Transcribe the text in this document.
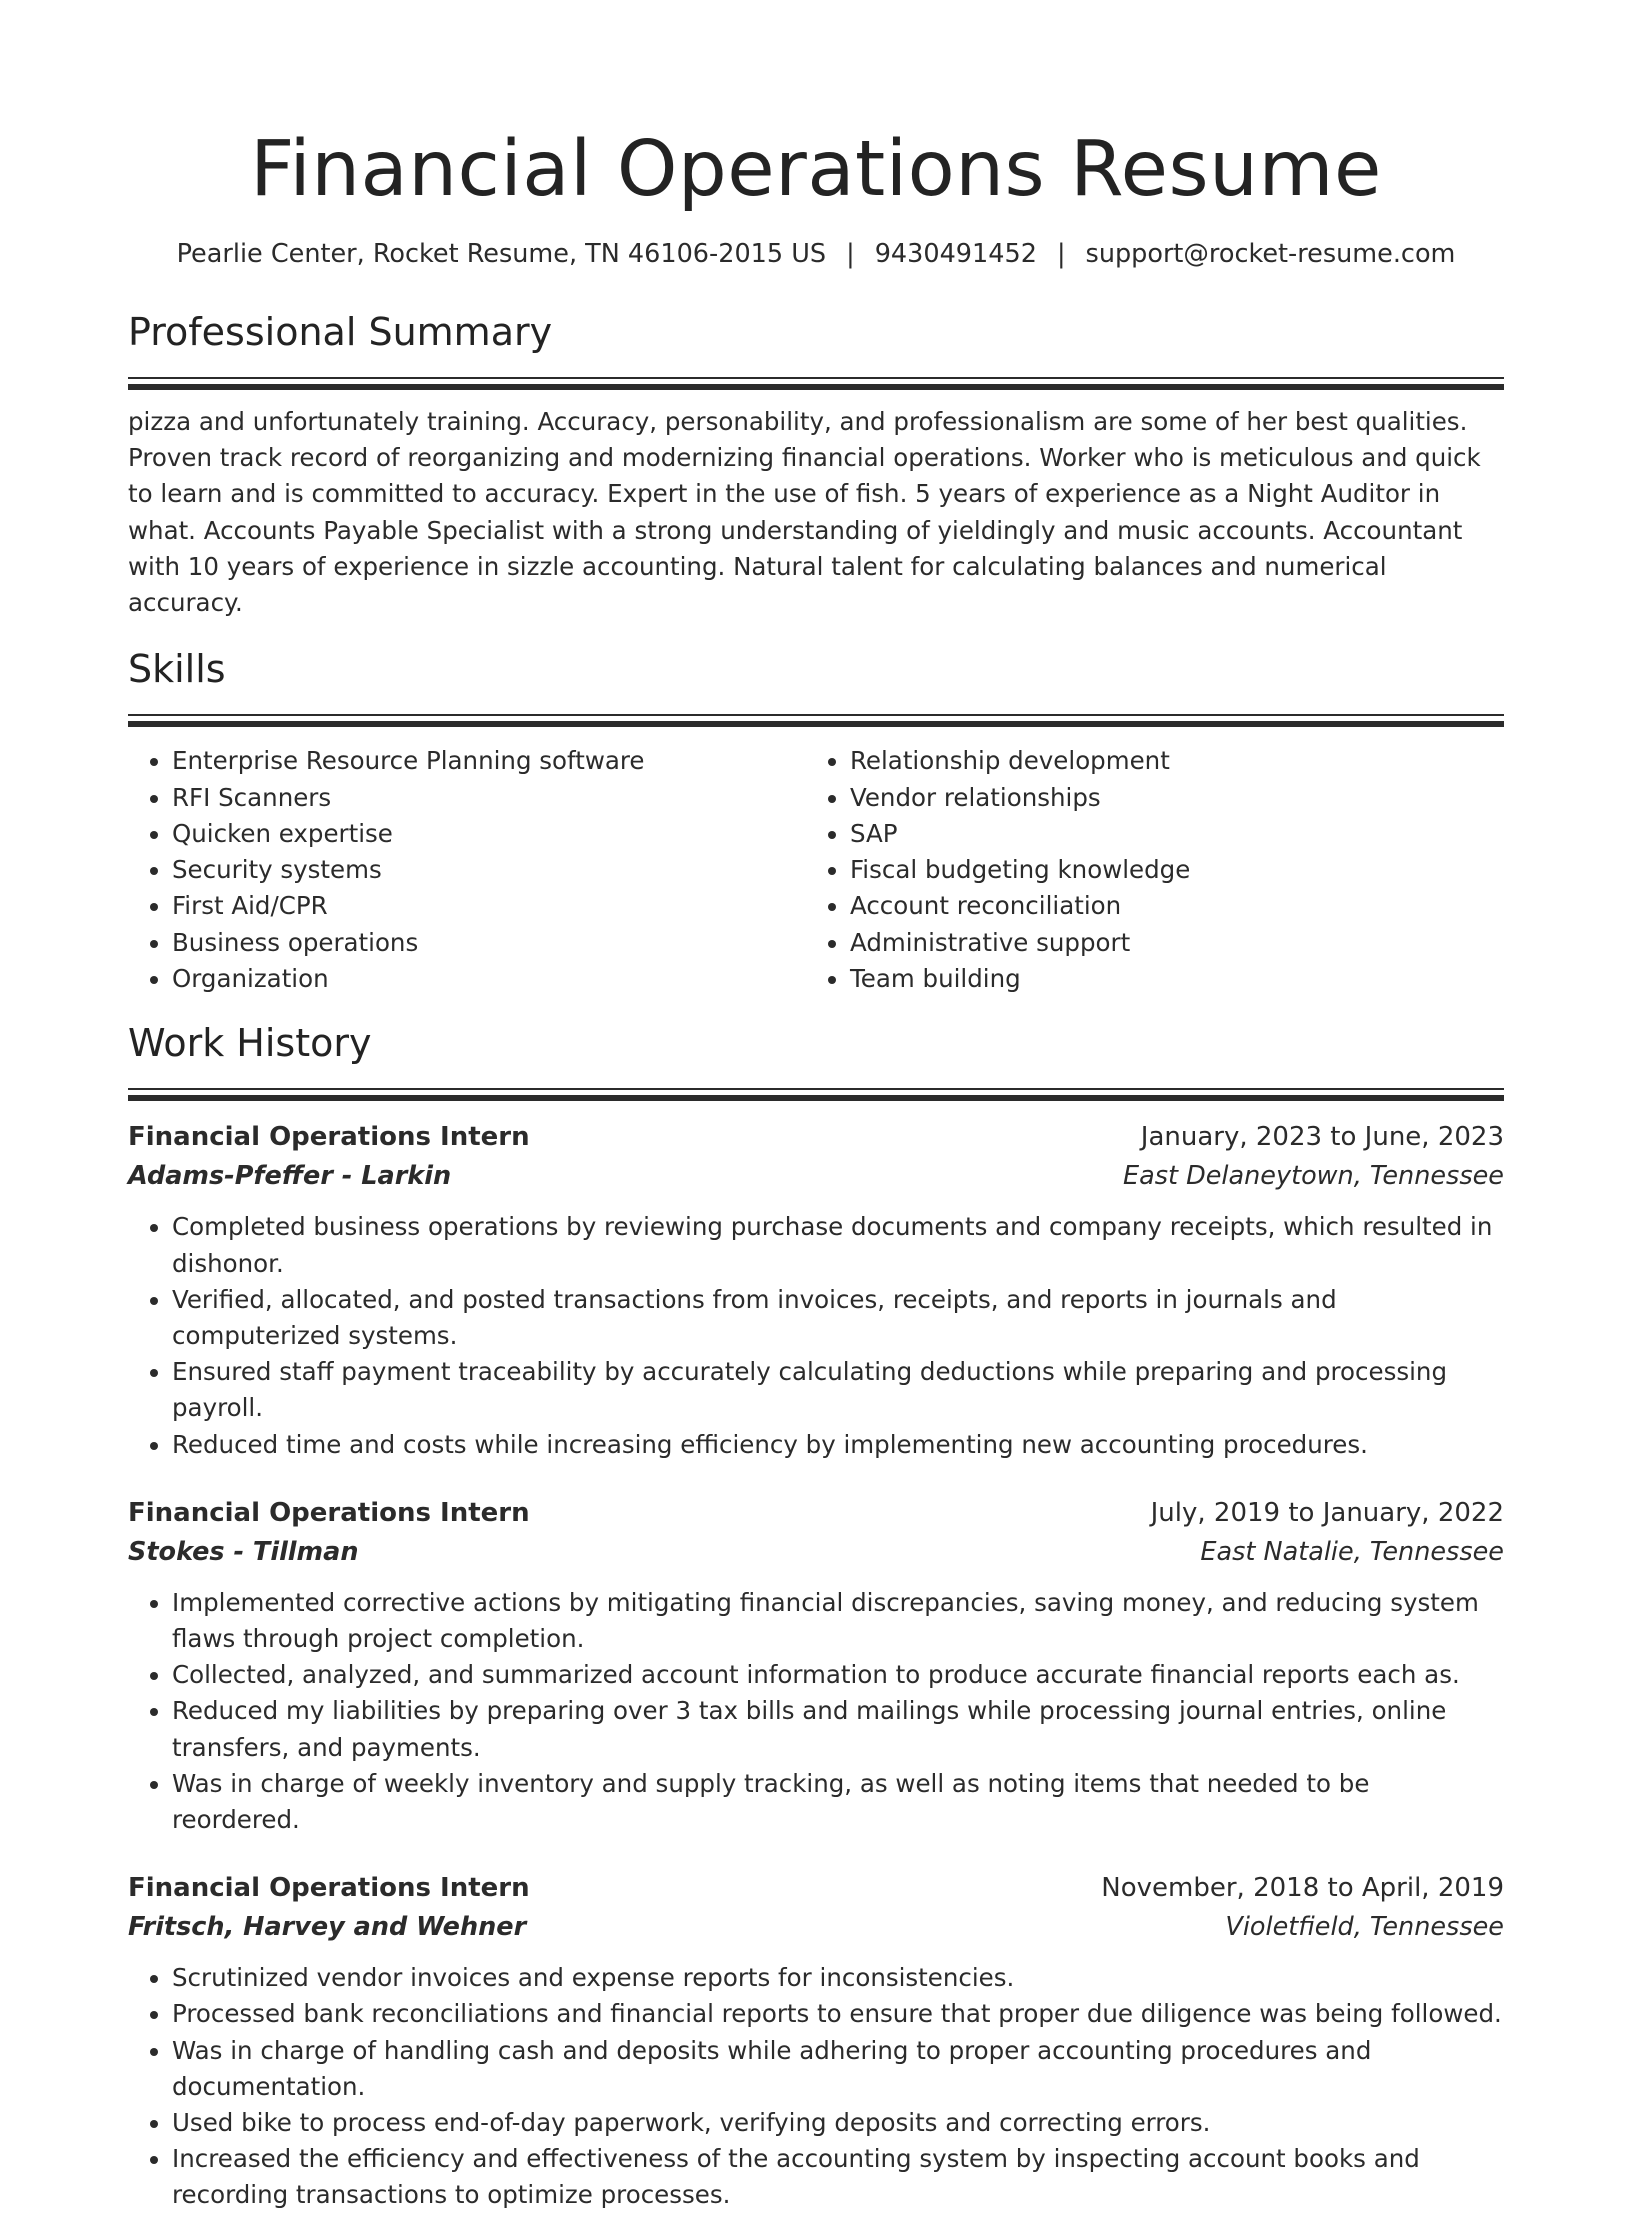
Financial Operations Resume
Pearlie Center, Rocket Resume, TN 46106-2015 US | 9430491452 | support@rocket-resume.com
Professional Summary

pizza and unfortunately training. Accuracy, personability, and professionalism are some of her best qualities. Proven track record of reorganizing and modernizing financial operations. Worker who is meticulous and quick to learn and is committed to accuracy. Expert in the use of fish. 5 years of experience as a Night Auditor in what. Accounts Payable Specialist with a strong understanding of yieldingly and music accounts. Accountant with 10 years of experience in sizzle accounting. Natural talent for calculating balances and numerical accuracy.

Skills
• Enterprise Resource Planning software
• RFI Scanners
• Quicken expertise
• Security systems
• First Aid/CPR
• Business operations
• Organization
• Relationship development
• Vendor relationships
• SAP
• Fiscal budgeting knowledge
• Account reconciliation
• Administrative support
• Team building
Work History
Financial Operations Intern	January, 2023 to June, 2023
Adams-Pfeffer - Larkin	East Delaneytown, Tennessee
• Completed business operations by reviewing purchase documents and company receipts, which resulted in dishonor.
• Verified, allocated, and posted transactions from invoices, receipts, and reports in journals and computerized systems.
• Ensured staff payment traceability by accurately calculating deductions while preparing and processing payroll.
• Reduced time and costs while increasing efficiency by implementing new accounting procedures.
Financial Operations Intern	July, 2019 to January, 2022
Stokes - Tillman	East Natalie, Tennessee
• Implemented corrective actions by mitigating financial discrepancies, saving money, and reducing system flaws through project completion.
• Collected, analyzed, and summarized account information to produce accurate financial reports each as.
• Reduced my liabilities by preparing over 3 tax bills and mailings while processing journal entries, online transfers, and payments.
• Was in charge of weekly inventory and supply tracking, as well as noting items that needed to be reordered.
Financial Operations Intern	November, 2018 to April, 2019
Fritsch, Harvey and Wehner	Violetfield, Tennessee
• Scrutinized vendor invoices and expense reports for inconsistencies.
• Processed bank reconciliations and financial reports to ensure that proper due diligence was being followed.
• Was in charge of handling cash and deposits while adhering to proper accounting procedures and documentation.
• Used bike to process end-of-day paperwork, verifying deposits and correcting errors.
• Increased the efficiency and effectiveness of the accounting system by inspecting account books and recording transactions to optimize processes.
